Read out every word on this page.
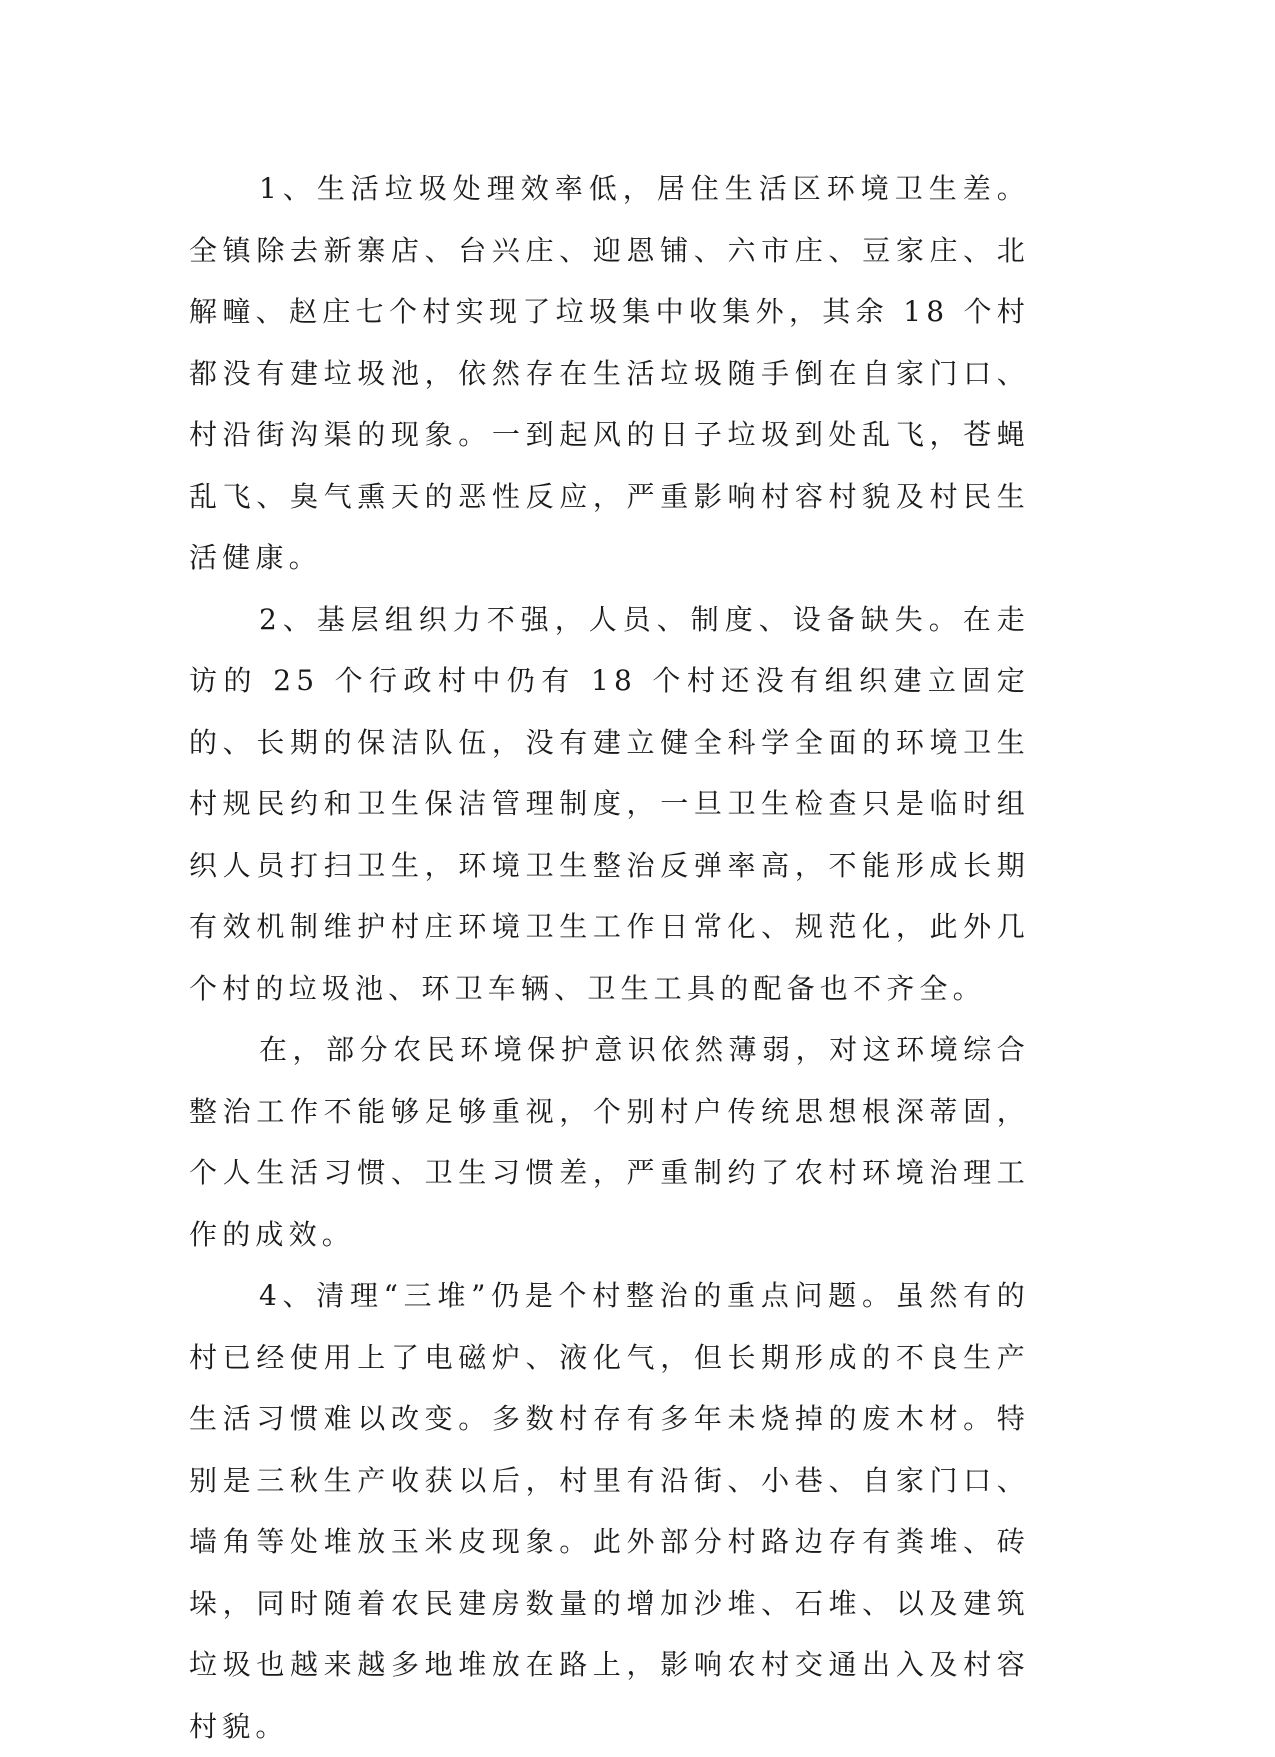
1、生活垃圾处理效率低，居住生活区环境卫生差。全镇除去新寨店、台兴庄、迎恩铺、六市庄、豆家庄、北解疃、赵庄七个村实现了垃圾集中收集外，其余 18 个村都没有建垃圾池，依然存在生活垃圾随手倒在自家门口、村沿街沟渠的现象。一到起风的日子垃圾到处乱飞，苍蝇乱飞、臭气熏天的恶性反应，严重影响村容村貌及村民生活健康。

2、基层组织力不强，人员、制度、设备缺失。在走访的 25 个行政村中仍有 18 个村还没有组织建立固定的、长期的保洁队伍，没有建立健全科学全面的环境卫生村规民约和卫生保洁管理制度，一旦卫生检查只是临时组织人员打扫卫生，环境卫生整治反弹率高，不能形成长期有效机制维护村庄环境卫生工作日常化、规范化，此外几个村的垃圾池、环卫车辆、卫生工具的配备也不齐全。

在，部分农民环境保护意识依然薄弱，对这环境综合整治工作不能够足够重视，个别村户传统思想根深蒂固，个人生活习惯、卫生习惯差，严重制约了农村环境治理工作的成效。

4、清理“三堆”仍是个村整治的重点问题。虽然有的村已经使用上了电磁炉、液化气，但长期形成的不良生产生活习惯难以改变。多数村存有多年未烧掉的废木材。特别是三秋生产收获以后，村里有沿街、小巷、自家门口、墙角等处堆放玉米皮现象。此外部分村路边存有粪堆、砖垛，同时随着农民建房数量的增加沙堆、石堆、以及建筑垃圾也越来越多地堆放在路上，影响农村交通出入及村容村貌。
